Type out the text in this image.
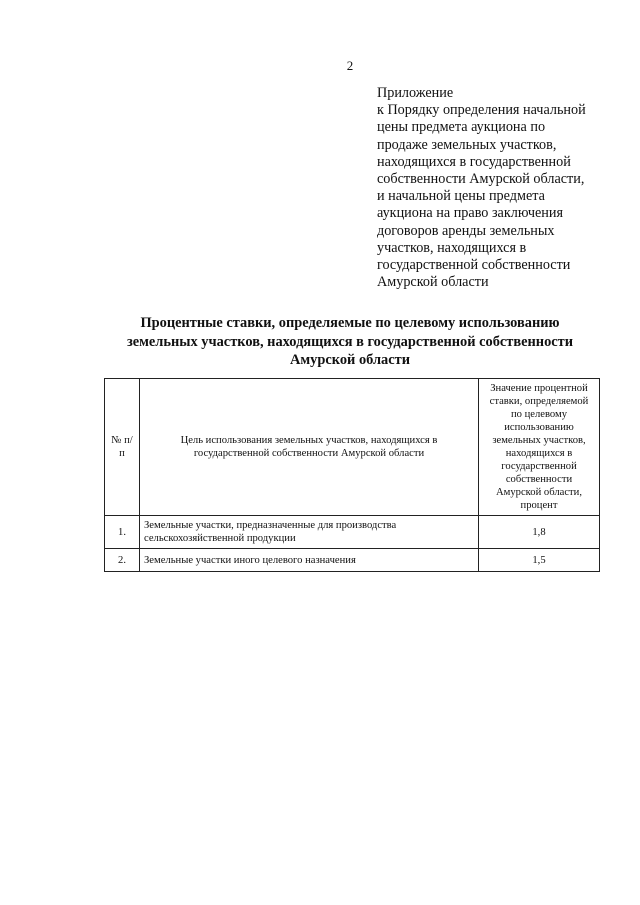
2
Приложение
к Порядку определения начальной
цены предмета аукциона по
продаже земельных участков,
находящихся в государственной
собственности Амурской области,
и начальной цены предмета
аукциона на право заключения
договоров аренды земельных
участков, находящихся в
государственной собственности
Амурской области
Процентные ставки, определяемые по целевому использованию
земельных участков, находящихся в государственной собственности
Амурской области
№ п/п	Цель использования земельных участков, находящихся в государственной собственности Амурской области	Значение процентной ставки, определяемой по целевому использованию земельных участков, находящихся в государственной собственности Амурской области, процент
1.	Земельные участки, предназначенные для производства сельскохозяйственной продукции	1,8
2.	Земельные участки иного целевого назначения	1,5
